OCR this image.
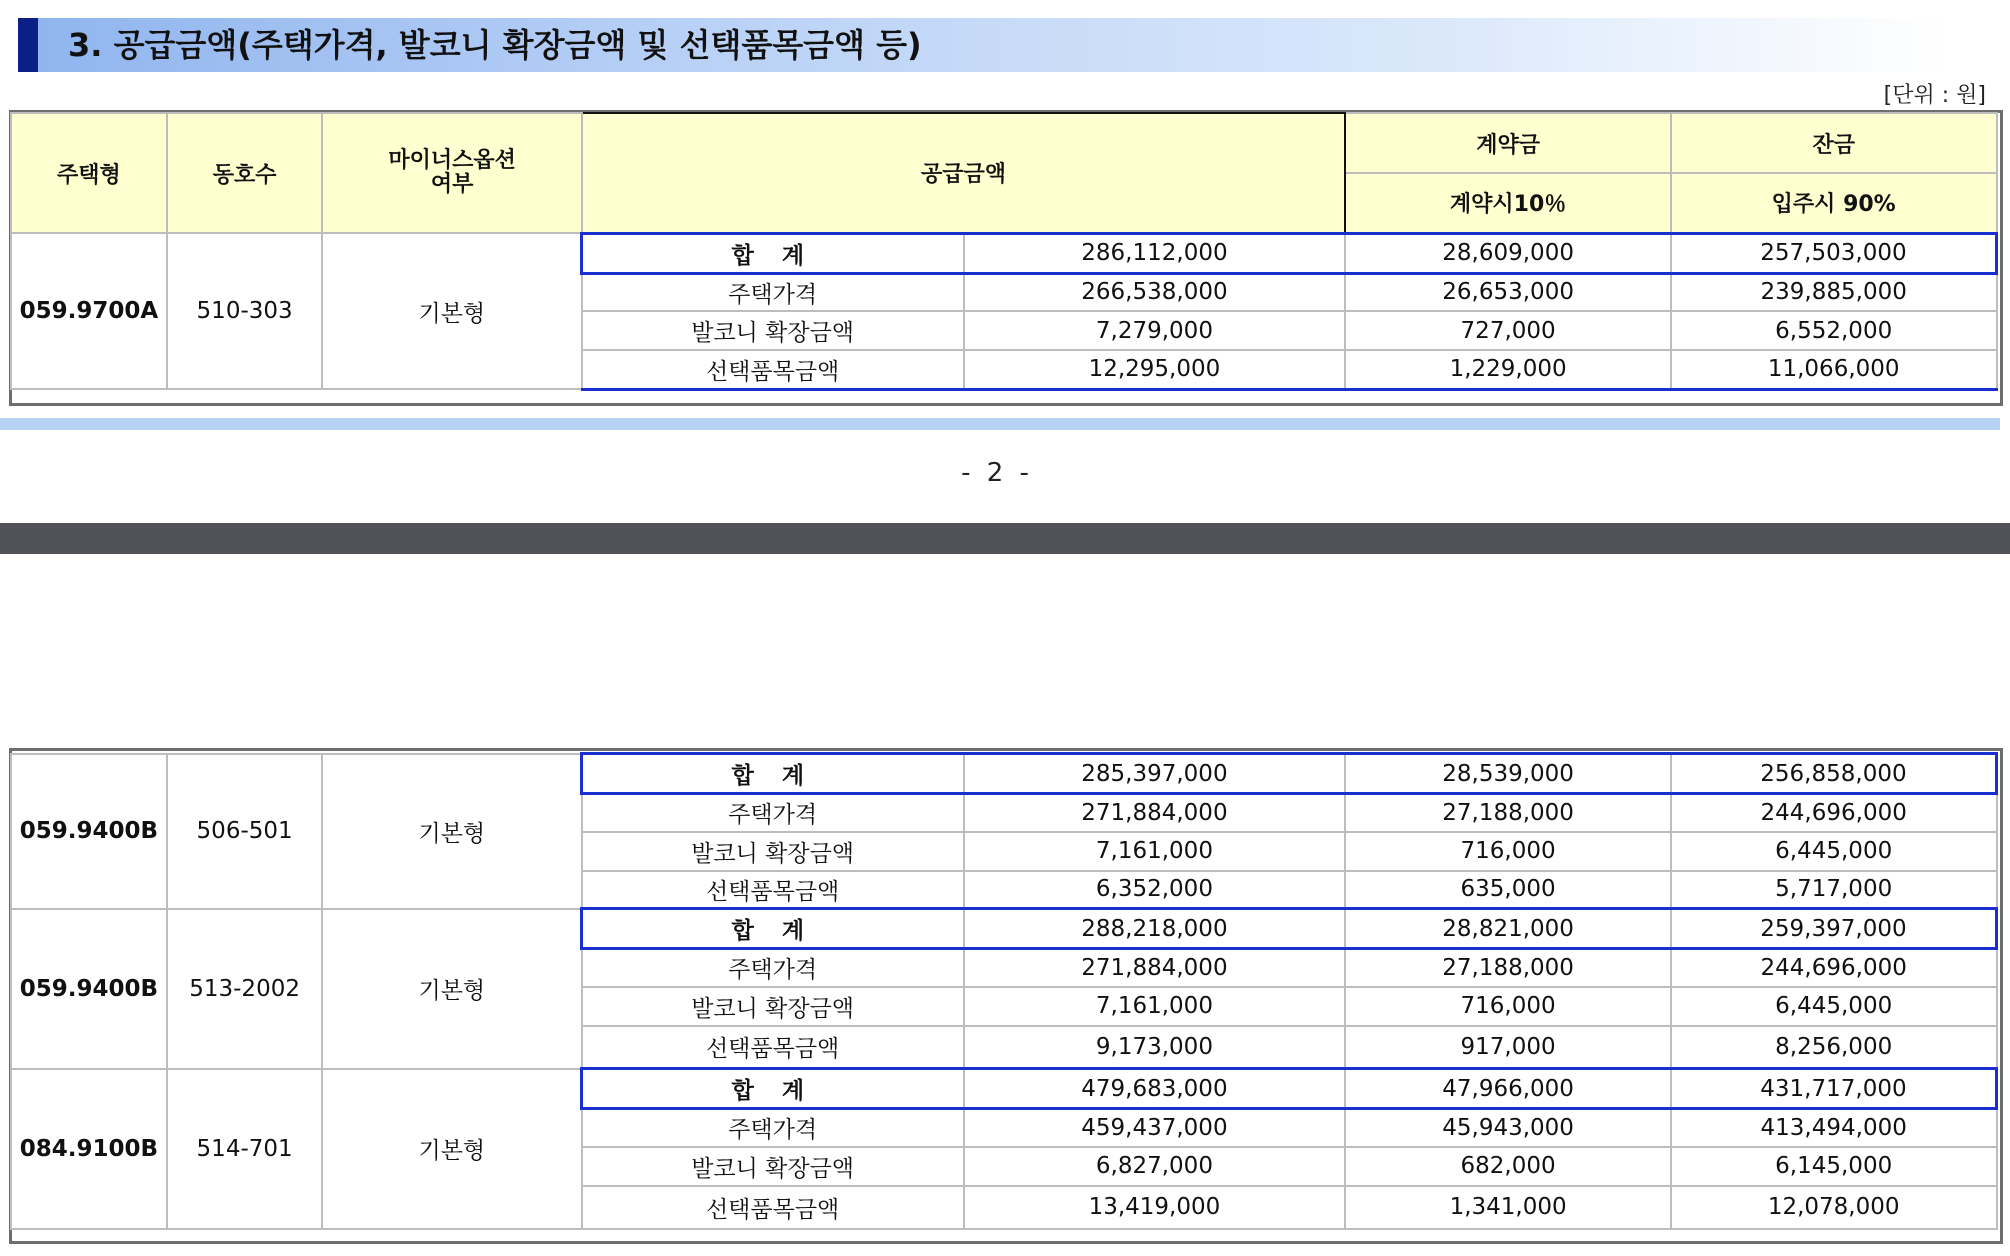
3. 공급금액(주택가격, 발코니 확장금액 및 선택품목금액 등)
[단위 : 원]
주택형	동호수	마이너스옵션 여부	공급금액		계약금	잔금
					계약시10％	입주시 90%
059.9700A	510-303	기본형	합 계	286,112,000	28,609,000	257,503,000
			주택가격	266,538,000	26,653,000	239,885,000
			발코니 확장금액	7,279,000	727,000	6,552,000
			선택품목금액	12,295,000	1,229,000	11,066,000
- 2 -
059.9400B	506-501	기본형	합 계	285,397,000	28,539,000	256,858,000
			주택가격	271,884,000	27,188,000	244,696,000
			발코니 확장금액	7,161,000	716,000	6,445,000
			선택품목금액	6,352,000	635,000	5,717,000
059.9400B	513-2002	기본형	합 계	288,218,000	28,821,000	259,397,000
			주택가격	271,884,000	27,188,000	244,696,000
			발코니 확장금액	7,161,000	716,000	6,445,000
			선택품목금액	9,173,000	917,000	8,256,000
084.9100B	514-701	기본형	합 계	479,683,000	47,966,000	431,717,000
			주택가격	459,437,000	45,943,000	413,494,000
			발코니 확장금액	6,827,000	682,000	6,145,000
			선택품목금액	13,419,000	1,341,000	12,078,000
